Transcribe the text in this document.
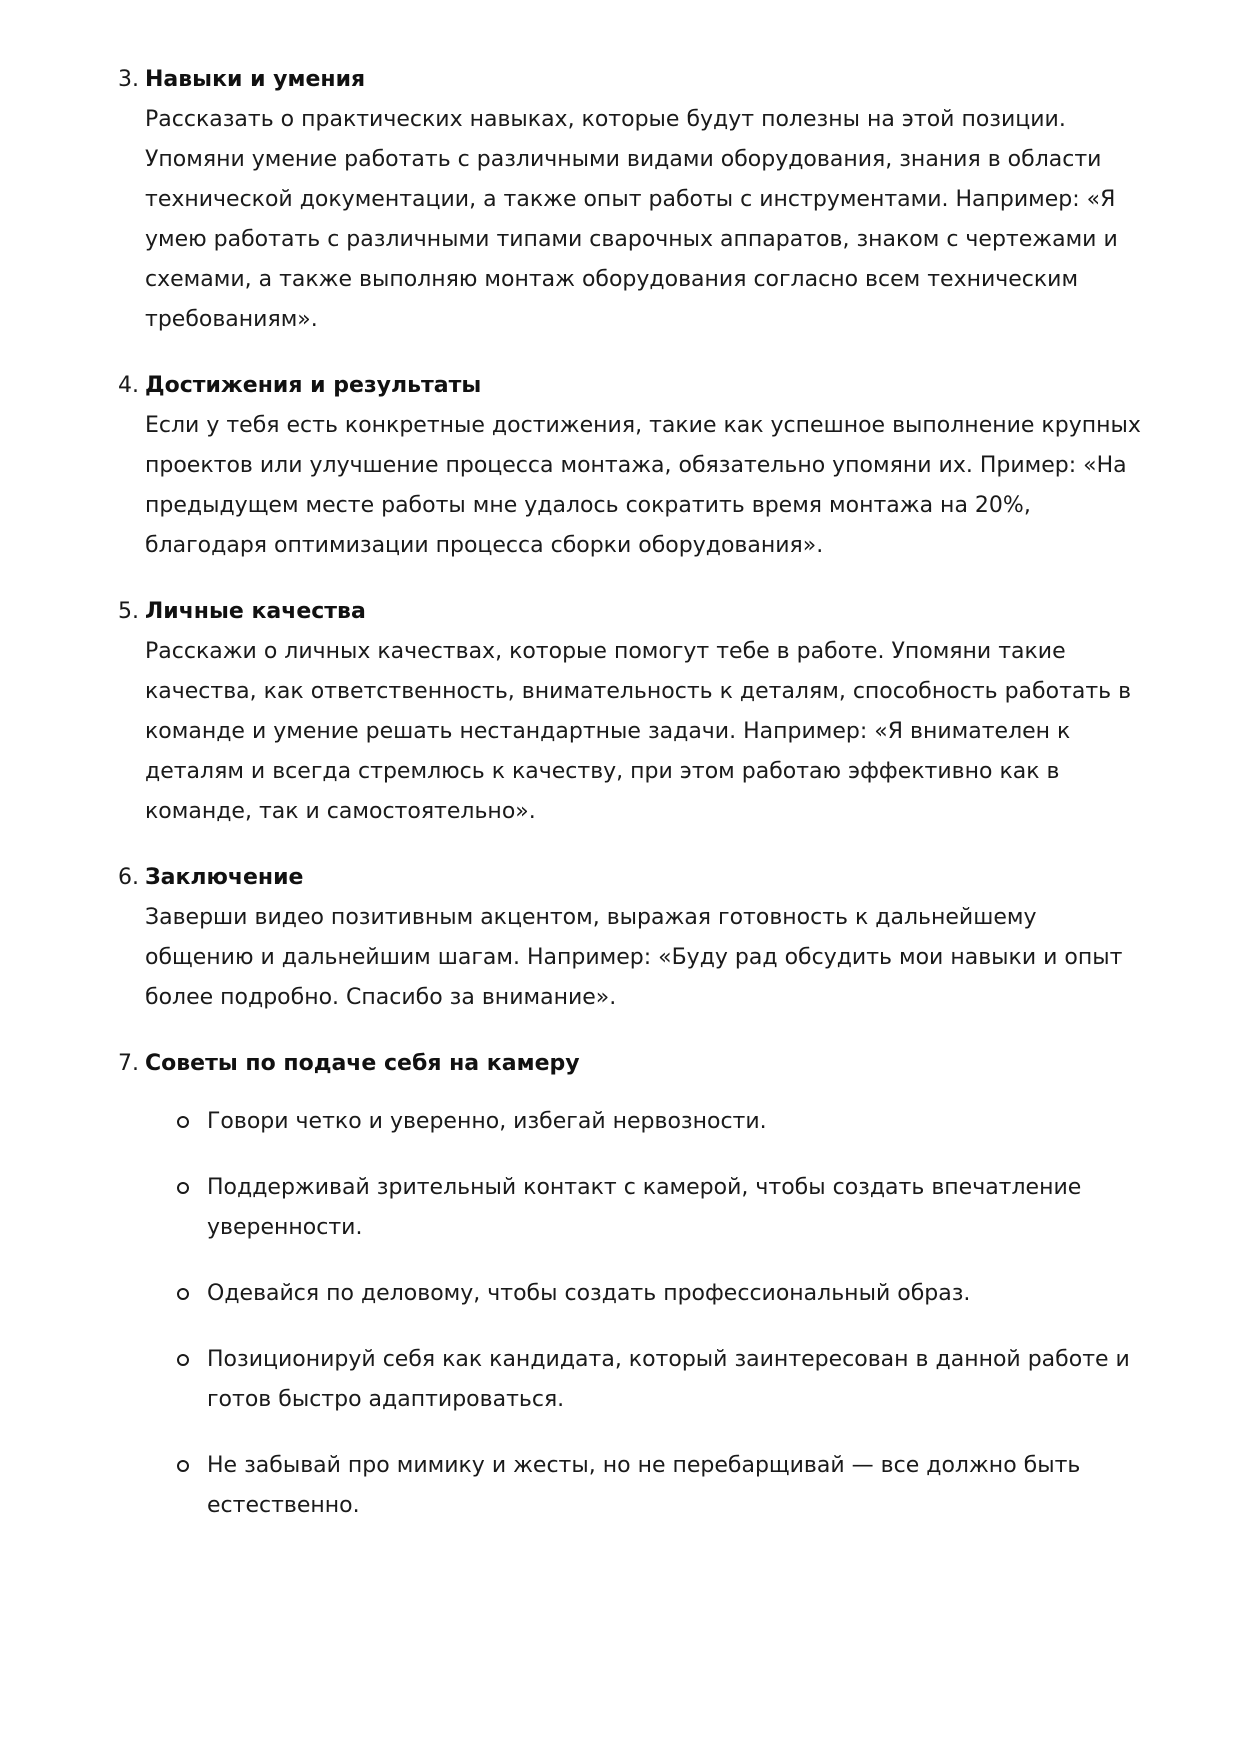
3. Навыки и умения

Рассказать о практических навыках, которые будут полезны на этой позиции. Упомяни умение работать с различными видами оборудования, знания в области технической документации, а также опыт работы с инструментами. Например: «Я умею работать с различными типами сварочных аппаратов, знаком с чертежами и схемами, а также выполняю монтаж оборудования согласно всем техническим требованиям».

4. Достижения и результаты

Если у тебя есть конкретные достижения, такие как успешное выполнение крупных проектов или улучшение процесса монтажа, обязательно упомяни их. Пример: «На предыдущем месте работы мне удалось сократить время монтажа на 20%, благодаря оптимизации процесса сборки оборудования».

5. Личные качества

Расскажи о личных качествах, которые помогут тебе в работе. Упомяни такие качества, как ответственность, внимательность к деталям, способность работать в команде и умение решать нестандартные задачи. Например: «Я внимателен к деталям и всегда стремлюсь к качеству, при этом работаю эффективно как в команде, так и самостоятельно».

6. Заключение

Заверши видео позитивным акцентом, выражая готовность к дальнейшему общению и дальнейшим шагам. Например: «Буду рад обсудить мои навыки и опыт более подробно. Спасибо за внимание».

7. Советы по подаче себя на камеру
Говори четко и уверенно, избегай нервозности.
Поддерживай зрительный контакт с камерой, чтобы создать впечатление уверенности.
Одевайся по деловому, чтобы создать профессиональный образ.
Позиционируй себя как кандидата, который заинтересован в данной работе и готов быстро адаптироваться.
Не забывай про мимику и жесты, но не перебарщивай — все должно быть естественно.
